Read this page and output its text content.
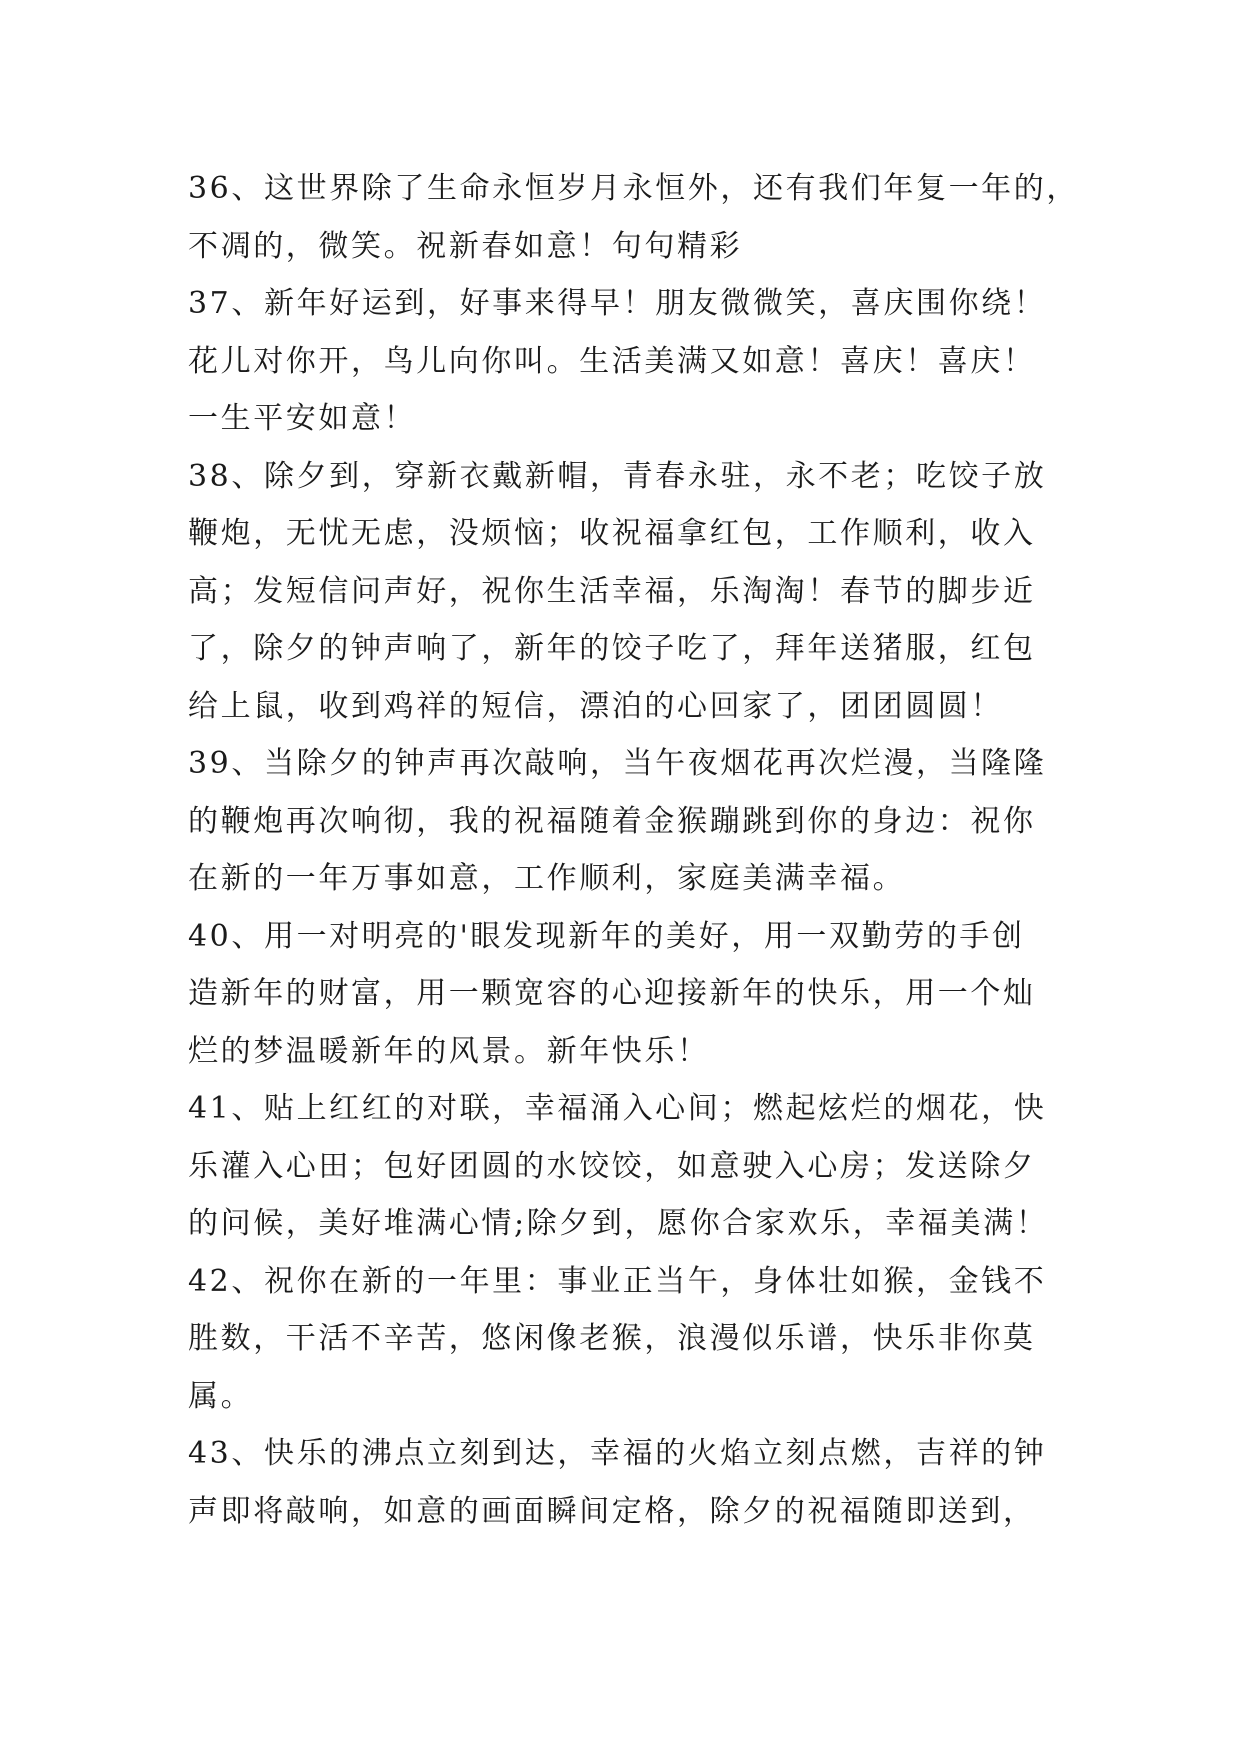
36、这世界除了生命永恒岁月永恒外，还有我们年复一年的，
不凋的，微笑。祝新春如意！句句精彩
37、新年好运到，好事来得早！朋友微微笑，喜庆围你绕！
花儿对你开，鸟儿向你叫。生活美满又如意！喜庆！喜庆！
一生平安如意！
38、除夕到，穿新衣戴新帽，青春永驻，永不老；吃饺子放
鞭炮，无忧无虑，没烦恼；收祝福拿红包，工作顺利，收入
高；发短信问声好，祝你生活幸福，乐淘淘！春节的脚步近
了，除夕的钟声响了，新年的饺子吃了，拜年送猪服，红包
给上鼠，收到鸡祥的短信，漂泊的心回家了，团团圆圆！
39、当除夕的钟声再次敲响，当午夜烟花再次烂漫，当隆隆
的鞭炮再次响彻，我的祝福随着金猴蹦跳到你的身边：祝你
在新的一年万事如意，工作顺利，家庭美满幸福。
40、用一对明亮的'眼发现新年的美好，用一双勤劳的手创
造新年的财富，用一颗宽容的心迎接新年的快乐，用一个灿
烂的梦温暖新年的风景。新年快乐！
41、贴上红红的对联，幸福涌入心间；燃起炫烂的烟花，快
乐灌入心田；包好团圆的水饺饺，如意驶入心房；发送除夕
的问候，美好堆满心情;除夕到，愿你合家欢乐，幸福美满！
42、祝你在新的一年里：事业正当午，身体壮如猴，金钱不
胜数，干活不辛苦，悠闲像老猴，浪漫似乐谱，快乐非你莫
属。
43、快乐的沸点立刻到达，幸福的火焰立刻点燃，吉祥的钟
声即将敲响，如意的画面瞬间定格，除夕的祝福随即送到，
